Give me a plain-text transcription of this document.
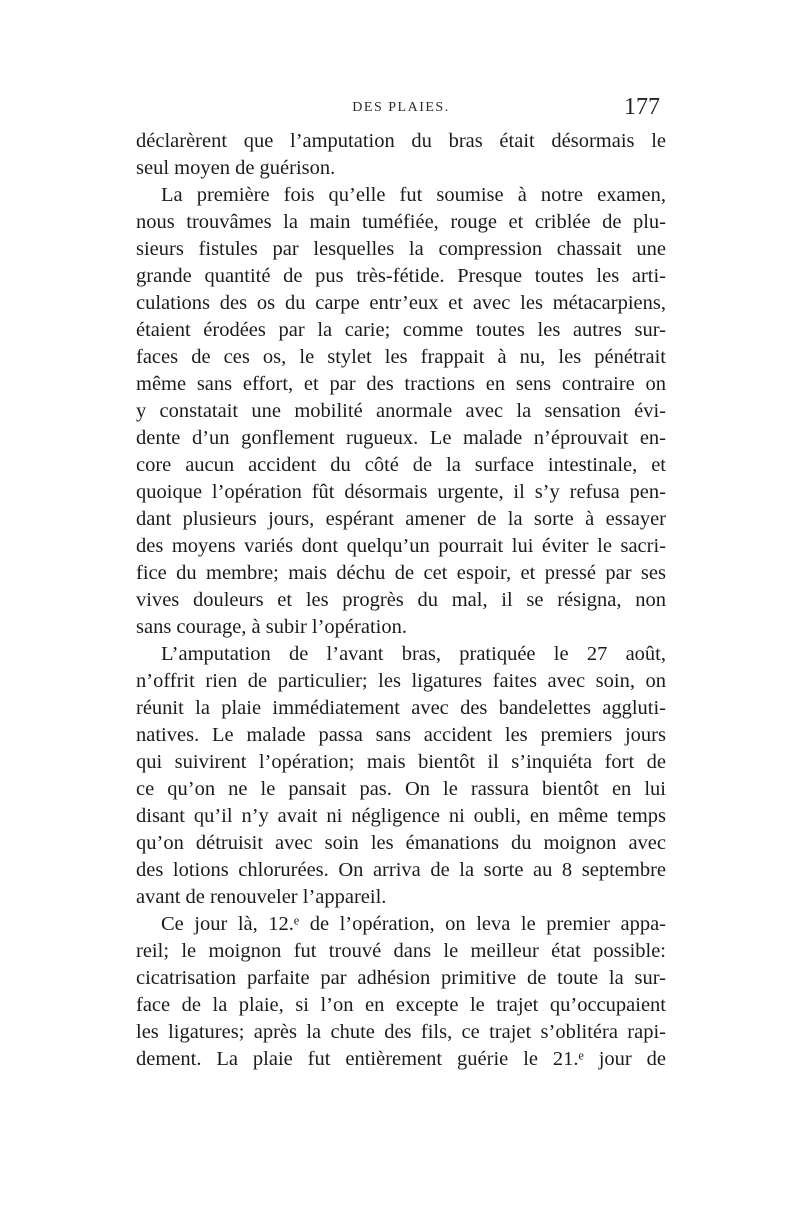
DES PLAIES.	177
déclarèrent que l’amputation du bras était désormais le
seul moyen de guérison.
La première fois qu’elle fut soumise à notre examen,
nous trouvâmes la main tuméfiée, rouge et criblée de plu-
sieurs fistules par lesquelles la compression chassait une
grande quantité de pus très-fétide. Presque toutes les arti-
culations des os du carpe entr’eux et avec les métacarpiens,
étaient érodées par la carie; comme toutes les autres sur-
faces de ces os, le stylet les frappait à nu, les pénétrait
même sans effort, et par des tractions en sens contraire on
y constatait une mobilité anormale avec la sensation évi-
dente d’un gonflement rugueux. Le malade n’éprouvait en-
core aucun accident du côté de la surface intestinale, et
quoique l’opération fût désormais urgente, il s’y refusa pen-
dant plusieurs jours, espérant amener de la sorte à essayer
des moyens variés dont quelqu’un pourrait lui éviter le sacri-
fice du membre; mais déchu de cet espoir, et pressé par ses
vives douleurs et les progrès du mal, il se résigna, non
sans courage, à subir l’opération.
L’amputation de l’avant bras, pratiquée le 27 août,
n’offrit rien de particulier; les ligatures faites avec soin, on
réunit la plaie immédiatement avec des bandelettes aggluti-
natives. Le malade passa sans accident les premiers jours
qui suivirent l’opération; mais bientôt il s’inquiéta fort de
ce qu’on ne le pansait pas. On le rassura bientôt en lui
disant qu’il n’y avait ni négligence ni oubli, en même temps
qu’on détruisit avec soin les émanations du moignon avec
des lotions chlorurées. On arriva de la sorte au 8 septembre
avant de renouveler l’appareil.
Ce jour là, 12.ᵉ de l’opération, on leva le premier appa-
reil; le moignon fut trouvé dans le meilleur état possible:
cicatrisation parfaite par adhésion primitive de toute la sur-
face de la plaie, si l’on en excepte le trajet qu’occupaient
les ligatures; après la chute des fils, ce trajet s’oblitéra rapi-
dement. La plaie fut entièrement guérie le 21.ᵉ jour de
